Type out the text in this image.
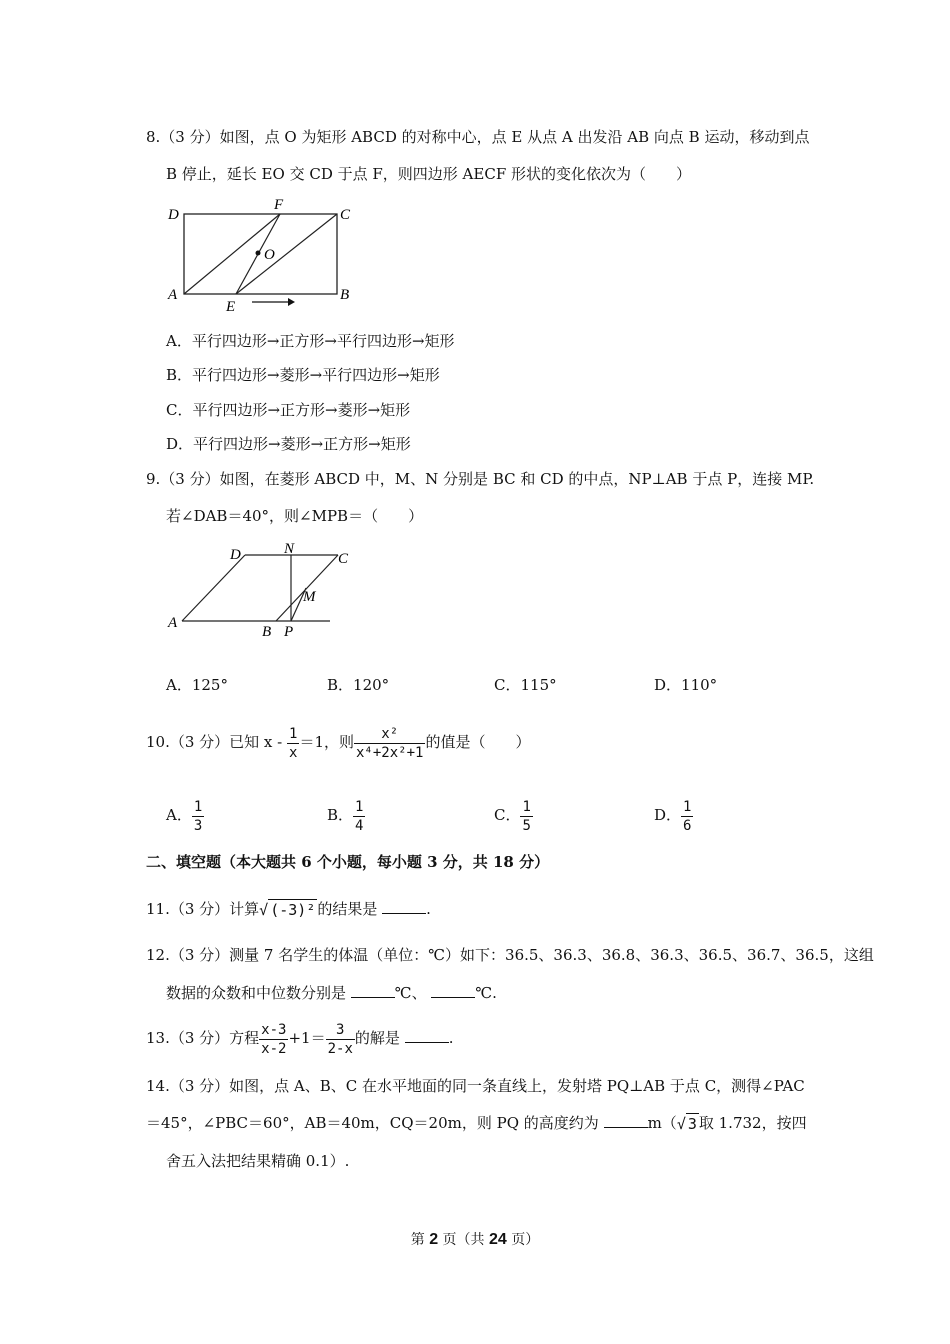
8.（3 分）如图，点 O 为矩形 ABCD 的对称中心，点 E 从点 A 出发沿 AB 向点 B 运动，移动到点
B 停止，延长 EO 交 CD 于点 F，则四边形 AECF 形状的变化依次为（　　）
D
F
C
O
A
E
B
A．平行四边形→正方形→平行四边形→矩形
B．平行四边形→菱形→平行四边形→矩形
C．平行四边形→正方形→菱形→矩形
D．平行四边形→菱形→正方形→矩形
9.（3 分）如图，在菱形 ABCD 中，M、N 分别是 BC 和 CD 的中点，NP⊥AB 于点 P，连接 MP.
若∠DAB＝40°，则∠MPB＝（　　）
D	N
C
M
A
B P
A．125°	B．120°	C．115°	D．110°
10.（3 分）已知 $x - \frac{1}{x} =1$，则 $\frac{\text{x²}}{\text{x⁴+2x²+1}}$ 的值是（　　）
A． $\frac{1}{3}$	B． $\frac{1}{4}$	C． $\frac{1}{5}$	D． $\frac{1}{6}$
二、填空题（本大题共 6 个小题，每小题 3 分，共 18 分）
11.（3 分）计算√ (-3)² 的结果是	.
12.（3 分）测量 7 名学生的体温（单位：℃）如下：36.5、36.3、36.8、36.3、36.5、36.7、36.5，这组
数据的众数和中位数分别是	℃、	℃.
13.（3 分）方程 $\frac{x-3}{x-2} +1= \frac{3}{2-x}$ 的解是	.
14.（3 分）如图，点 A、B、C 在水平地面的同一条直线上，发射塔 PQ⊥AB 于点 C，测得∠PAC
＝45°，∠PBC＝60°，AB＝40m，CQ＝20m，则 PQ 的高度约为	m（√ 3 取 1.732，按四
舍五入法把结果精确 0.1）.
第 2 页（共 24 页）
